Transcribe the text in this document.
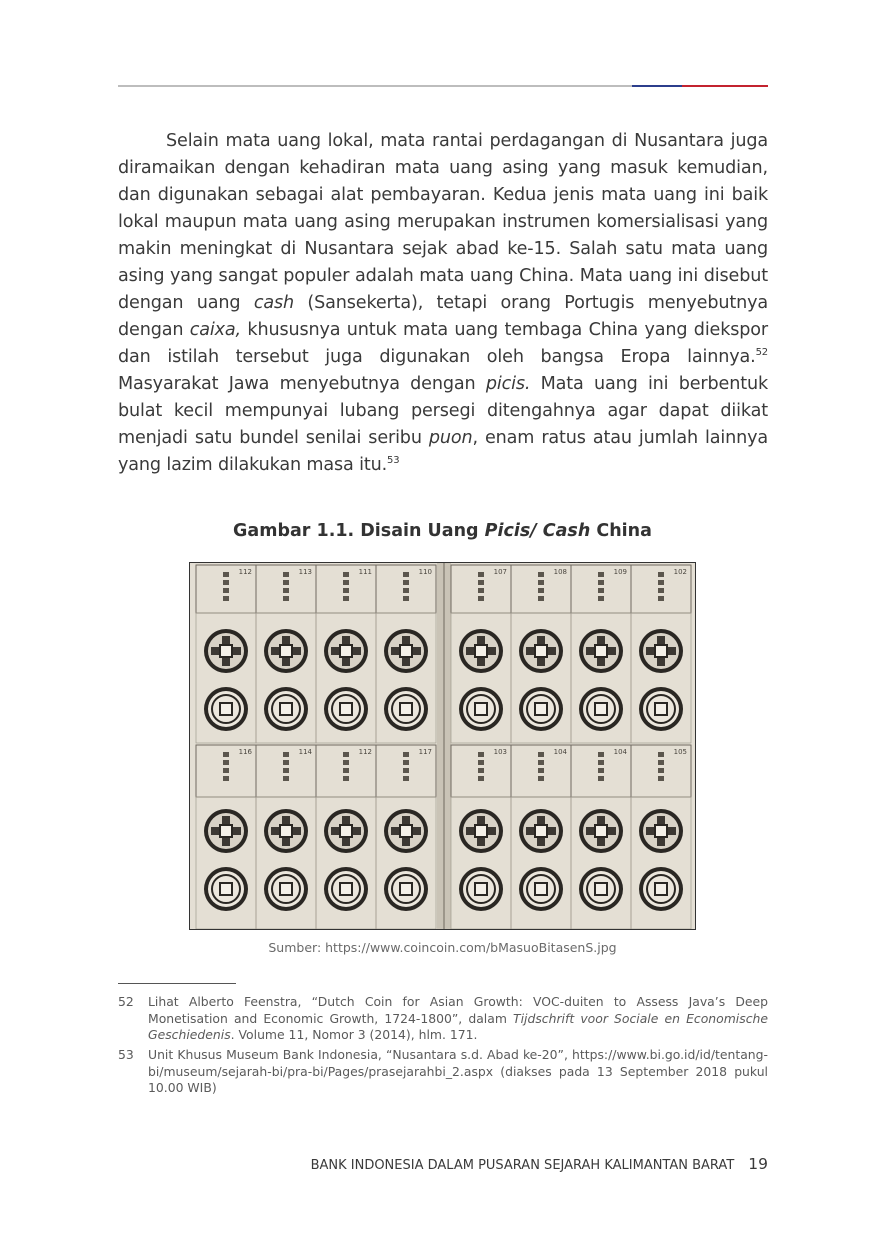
Selain mata uang lokal, mata rantai perdagangan di Nusantara juga diramaikan dengan kehadiran mata uang asing yang masuk kemudian, dan digunakan sebagai alat pembayaran. Kedua jenis mata uang ini baik lokal maupun mata uang asing merupakan instrumen komersialisasi yang makin meningkat di Nusantara sejak abad ke-15. Salah satu mata uang asing yang sangat populer adalah mata uang China. Mata uang ini disebut dengan uang cash (Sansekerta), tetapi orang Portugis menyebutnya dengan caixa, khususnya untuk mata uang tembaga China yang diekspor dan istilah tersebut juga digunakan oleh bangsa Eropa lainnya.$^{52}$ Masyarakat Jawa menyebutnya dengan picis. Mata uang ini berbentuk bulat kecil mempunyai lubang persegi ditengahnya agar dapat diikat menjadi satu bundel senilai seribu puon, enam ratus atau jumlah lainnya yang lazim dilakukan masa itu.$^{53}$

Gambar 1.1. Disain Uang Picis/ Cash China
112	113	111	110	107	108	109	102
116	114	112	117	103	104	104	105
Sumber: https://www.coincoin.com/bMasuoBitasenS.jpg
52	Lihat Alberto Feenstra, “Dutch Coin for Asian Growth: VOC-duiten to Assess Java’s Deep Monetisation and Economic Growth, 1724-1800”, dalam Tijdschrift voor Sociale en Economische Geschiedenis. Volume 11, Nomor 3 (2014), hlm. 171.
53	Unit Khusus Museum Bank Indonesia, “Nusantara s.d. Abad ke-20”, https://www.bi.go.id/id/tentang-bi/museum/sejarah-bi/pra-bi/Pages/prasejarahbi_2.aspx (diakses pada 13 September 2018 pukul 10.00 WIB)
BANK INDONESIA DALAM PUSARAN SEJARAH KALIMANTAN BARAT 19
